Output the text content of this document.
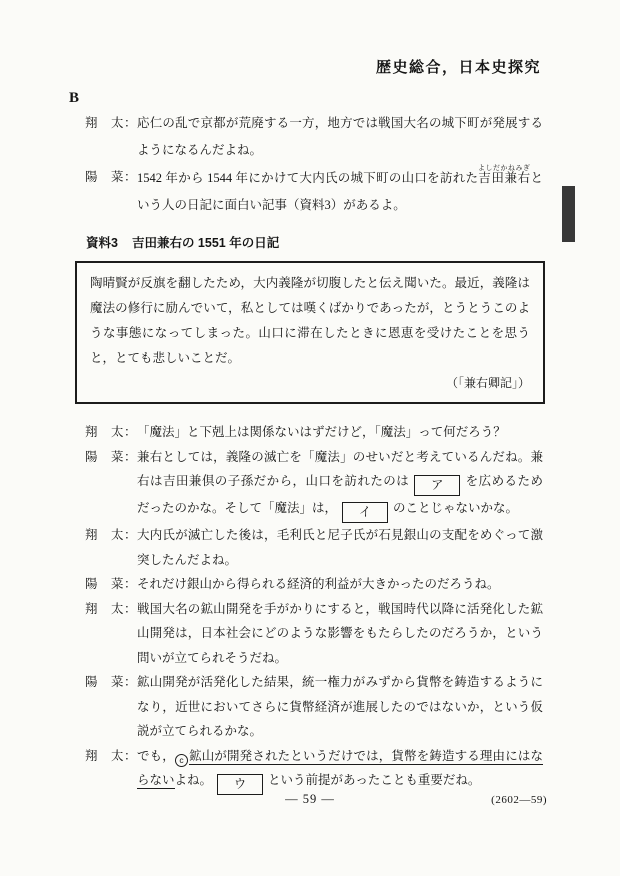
歴史総合，日本史探究
B
翔　太： 応仁の乱で京都が荒廃する一方，地方では戦国大名の城下町が発展するようになるんだよね。
陽　菜： 1542 年から 1544 年にかけて大内氏の城下町の山口を訪れた吉田兼右よしだかねみぎという人の日記に面白い記事（資料3）があるよ。
資料3 吉田兼右の 1551 年の日記
陶晴賢が反旗を翻したため，大内義隆が切腹したと伝え聞いた。最近，義隆は魔法の修行に励んでいて，私としては嘆くばかりであったが，とうとうこのような事態になってしまった。山口に滞在したときに恩恵を受けたことを思うと，とても悲しいことだ。
（「兼右卿記」）
翔　太： 「魔法」と下剋上は関係ないはずだけど，「魔法」って何だろう？
陽　菜： 兼右としては，義隆の滅亡を「魔法」のせいだと考えているんだね。兼右は吉田兼倶の子孫だから，山口を訪れたのは ア を広めるためだったのかな。そして「魔法」は， イ のことじゃないかな。
翔　太： 大内氏が滅亡した後は，毛利氏と尼子氏が石見銀山の支配をめぐって激突したんだよね。
陽　菜： それだけ銀山から得られる経済的利益が大きかったのだろうね。
翔　太： 戦国大名の鉱山開発を手がかりにすると，戦国時代以降に活発化した鉱山開発は，日本社会にどのような影響をもたらしたのだろうか，という問いが立てられそうだね。
陽　菜： 鉱山開発が活発化した結果，統一権力がみずから貨幣を鋳造するようになり，近世においてさらに貨幣経済が進展したのではないか，という仮説が立てられるかな。
翔　太： でも， c 鉱山が開発されたというだけでは，貨幣を鋳造する理由にはならないよね。 ウ という前提があったことも重要だね。
— 59 —	(2602—59)
